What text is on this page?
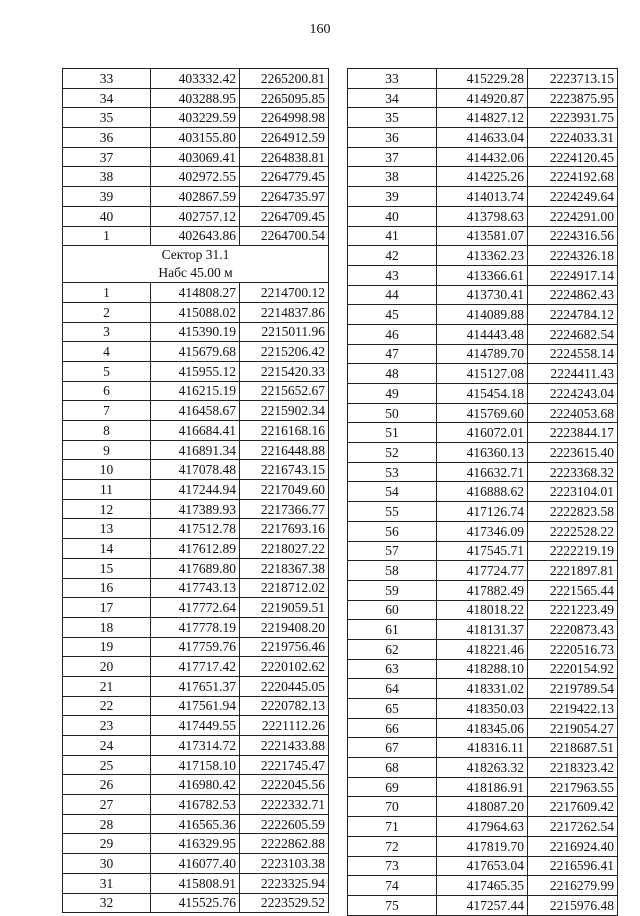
160
33	403332.42	2265200.81
34	403288.95	2265095.85
35	403229.59	2264998.98
36	403155.80	2264912.59
37	403069.41	2264838.81
38	402972.55	2264779.45
39	402867.59	2264735.97
40	402757.12	2264709.45
1	402643.86	2264700.54

Сектор 31.1
Набс 45.00 м		

1	414808.27	2214700.12
2	415088.02	2214837.86
3	415390.19	2215011.96
4	415679.68	2215206.42
5	415955.12	2215420.33
6	416215.19	2215652.67
7	416458.67	2215902.34
8	416684.41	2216168.16
9	416891.34	2216448.88
10	417078.48	2216743.15
11	417244.94	2217049.60
12	417389.93	2217366.77
13	417512.78	2217693.16
14	417612.89	2218027.22
15	417689.80	2218367.38
16	417743.13	2218712.02
17	417772.64	2219059.51
18	417778.19	2219408.20
19	417759.76	2219756.46
20	417717.42	2220102.62
21	417651.37	2220445.05
22	417561.94	2220782.13
23	417449.55	2221112.26
24	417314.72	2221433.88
25	417158.10	2221745.47
26	416980.42	2222045.56
27	416782.53	2222332.71
28	416565.36	2222605.59
29	416329.95	2222862.88
30	416077.40	2223103.38
31	415808.91	2223325.94
32	415525.76	2223529.52
33	415229.28	2223713.15
34	414920.87	2223875.95
35	414827.12	2223931.75
36	414633.04	2224033.31
37	414432.06	2224120.45
38	414225.26	2224192.68
39	414013.74	2224249.64
40	413798.63	2224291.00
41	413581.07	2224316.56
42	413362.23	2224326.18
43	413366.61	2224917.14
44	413730.41	2224862.43
45	414089.88	2224784.12
46	414443.48	2224682.54
47	414789.70	2224558.14
48	415127.08	2224411.43
49	415454.18	2224243.04
50	415769.60	2224053.68
51	416072.01	2223844.17
52	416360.13	2223615.40
53	416632.71	2223368.32
54	416888.62	2223104.01
55	417126.74	2222823.58
56	417346.09	2222528.22
57	417545.71	2222219.19
58	417724.77	2221897.81
59	417882.49	2221565.44
60	418018.22	2221223.49
61	418131.37	2220873.43
62	418221.46	2220516.73
63	418288.10	2220154.92
64	418331.02	2219789.54
65	418350.03	2219422.13
66	418345.06	2219054.27
67	418316.11	2218687.51
68	418263.32	2218323.42
69	418186.91	2217963.55
70	418087.20	2217609.42
71	417964.63	2217262.54
72	417819.70	2216924.40
73	417653.04	2216596.41
74	417465.35	2216279.99
75	417257.44	2215976.48
